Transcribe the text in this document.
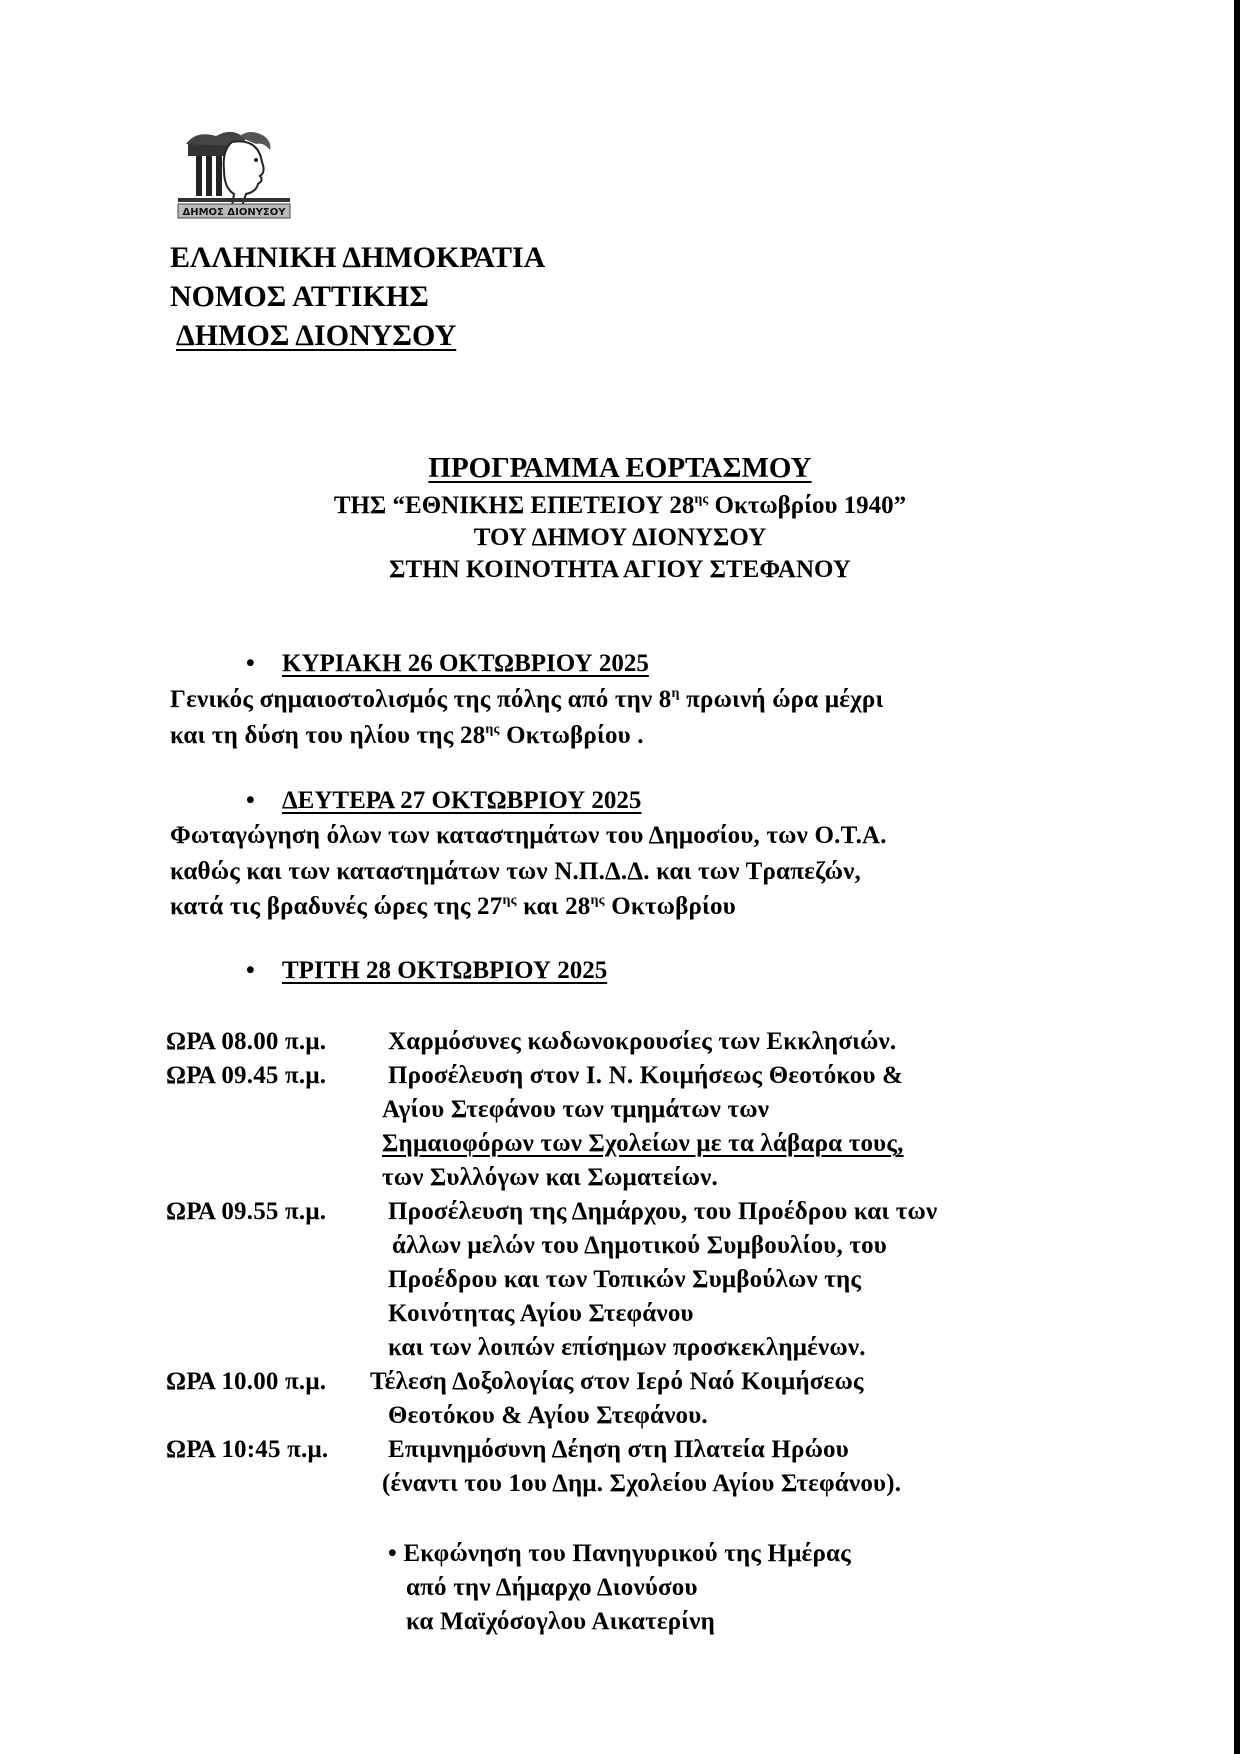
ΔΗΜΟΣ ΔΙΟΝΥΣΟΥ
ΕΛΛΗΝΙΚΗ ΔΗΜΟΚΡΑΤΙΑ
ΝΟΜΟΣ ΑΤΤΙΚΗΣ
ΔΗΜΟΣ ΔΙΟΝΥΣΟΥ
ΠΡΟΓΡΑΜΜΑ ΕΟΡΤΑΣΜΟΥ
ΤΗΣ “ΕΘΝΙΚΗΣ ΕΠΕΤΕΙΟΥ $28^{\eta\varsigma}$ Οκτωβρίου 1940”
ΤΟΥ ΔΗΜΟΥ ΔΙΟΝΥΣΟΥ
ΣΤΗΝ ΚΟΙΝΟΤΗΤΑ ΑΓΙΟΥ ΣΤΕΦΑΝΟΥ
• ΚΥΡΙΑΚΗ 26 ΟΚΤΩΒΡΙΟΥ 2025
Γενικός σημαιοστολισμός της πόλης από την $8^\eta$ πρωινή ώρα μέχρι
και τη δύση του ηλίου της $28^{\eta\varsigma}$ Οκτωβρίου .
• ΔΕΥΤΕΡΑ 27 ΟΚΤΩΒΡΙΟΥ 2025
Φωταγώγηση όλων των καταστημάτων του Δημοσίου, των Ο.Τ.Α.
καθώς και των καταστημάτων των Ν.Π.Δ.Δ. και των Τραπεζών,
κατά τις βραδυνές ώρες της $27^{\eta\varsigma}$ και $28^{\eta\varsigma}$ Οκτωβρίου
• ΤΡΙΤΗ 28 ΟΚΤΩΒΡΙΟΥ 2025
ΩΡΑ 08.00 π.μ. Χαρμόσυνες κωδωνοκρουσίες των Εκκλησιών.
ΩΡΑ 09.45 π.μ. Προσέλευση στον Ι. Ν. Κοιμήσεως Θεοτόκου &
Αγίου Στεφάνου των τμημάτων των
Σημαιοφόρων των Σχολείων με τα λάβαρα τους,
των Συλλόγων και Σωματείων.
ΩΡΑ 09.55 π.μ. Προσέλευση της Δημάρχου, του Προέδρου και των
άλλων μελών του Δημοτικού Συμβουλίου, του
Προέδρου και των Τοπικών Συμβούλων της
Κοινότητας Αγίου Στεφάνου
και των λοιπών επίσημων προσκεκλημένων.
ΩΡΑ 10.00 π.μ. Τέλεση Δοξολογίας στον Ιερό Ναό Κοιμήσεως
Θεοτόκου & Αγίου Στεφάνου.
ΩΡΑ 10:45 π.μ. Επιμνημόσυνη Δέηση στη Πλατεία Ηρώου
(έναντι του 1ου Δημ. Σχολείου Αγίου Στεφάνου).
• Εκφώνηση του Πανηγυρικού της Ημέρας
από την Δήμαρχο Διονύσου
κα Μαϊχόσογλου Αικατερίνη
